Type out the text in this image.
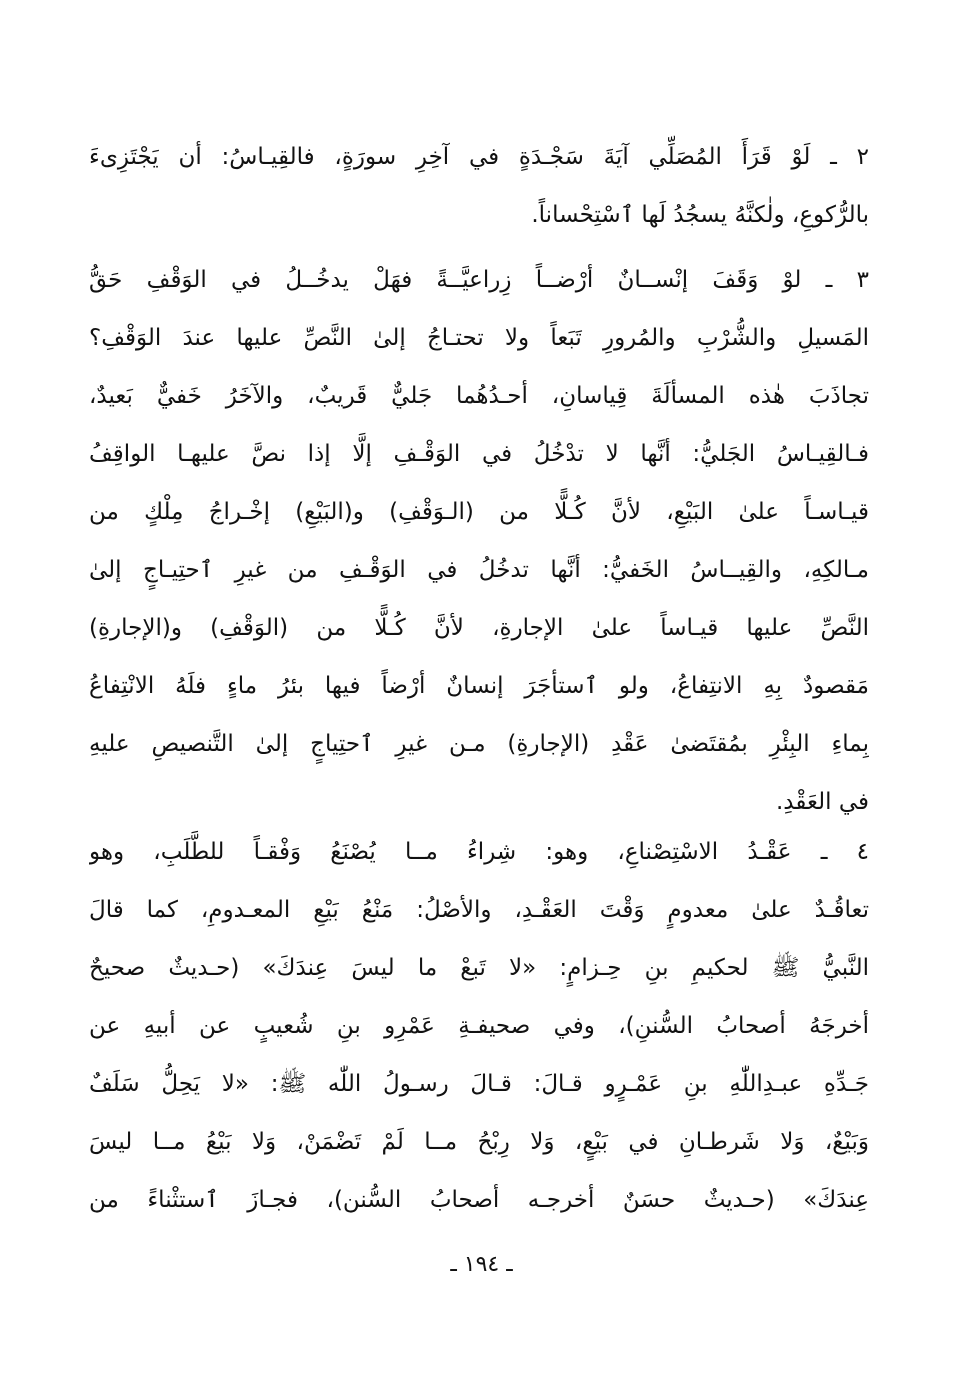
٢ ـ لَوْ قَرَأَ المُصَلِّي آيَةَ سَجْـدَةٍ في آخِرِ سورَةٍ، فالقِيـاسُ: أن يَجْتَزِىءَ
بالرُّكوعِ، ولٰكنَّهُ يسجُدُ لَها ٱسْتِحْساناً.
٣ ـ لوْ وَقَفَ إنْســانٌ أرْضــاً زِراعيَّــةً فهَلْ يدخُــلُ في الوَقْفِ حَقُّ
المَسيلِ والشُّرْبِ والمُرورِ تَبَعاً ولا تحتـاجُ إلىٰ النَّصِّ عليها عندَ الوَقْفِ؟
تجاذَبَ هٰذه المسألَةَ قِياسانِ، أحـدُهُما جَليٌّ قَريبٌ، والآخَرُ خَفيٌّ بَعيدٌ،
فـالقِيـاسُ الجَليُّ: أنَّها لا تدْخُلُ في الوَقْـفِ إلَّا إذا نصَّ عليهـا الواقِفُ
قيـاسـاً علىٰ البَيْعِ، لأنَّ كُـلًّا من (الـوَقْفِ) و(البَيْعِ) إخْـراجُ مِلْكٍ من
مـالكِهِ، والقِيــاسُ الخَفيُّ: أنَّها تدخُلُ في الوَقْـفِ من غيرِ ٱحتِيـاجٍ إلىٰ
النَّصِّ عليها قيـاساً علىٰ الإجارةِ، لأنَّ كُـلًّا من (الوَقْفِ) و(الإجارةِ)
مَقصودٌ بِهِ الانتِفاعُ، ولو ٱستأجَرَ إنسانٌ أرْضاً فيها بئرُ ماءٍ فلَهُ الانْتِفاعُ
بِماءِ البِئْرِ بمُقتَضىٰ عَقْدِ (الإجارةِ) مـن غيرِ ٱحتِياجٍ إلىٰ التَّنصيصِ عليهِ
في العَقْدِ.
٤ ـ عَقْـدُ الاسْتِصْناعِ، وهو: شِراءُ مــا يُصْنَعُ وَفْقـاً للطَّلَبِ، وهو
تعاقُـدٌ علىٰ معدومٍ وَقْتَ العَقْـدِ، والأصْلُ: مَنْعُ بَيْعِ المعـدومِ، كما قالَ
النَّبيُّ ﷺ لحكيمِ بنِ حِـزامٍ: «لا تَبعْ ما ليسَ عِندَكَ» (حـديثٌ صحيحٌ
أخرجَهُ أصحابُ السُّننِ)، وفي صحيفـةِ عَمْرِو بنِ شُعيبٍ عن أبيهِ عن
جَـدِّهِ عبـدِاللّٰهِ بنِ عَمْـرٍو قـالَ: قـالَ رسـولُ اللّٰه ﷺ: «لا يَحِلُّ سَلَفٌ
وَبَيْعٌ، وَلا شَرطـانِ في بَيْعٍ، وَلا رِبْحُ مــا لَمْ تَضْمَنْ، وَلا بَيْعُ مــا ليسَ
عِندَكَ» (حـديثٌ حسَنٌ أخرجـه أصحابُ السُّنن)، فجـازَ ٱستثْناءً من
ـ ١٩٤ ـ
